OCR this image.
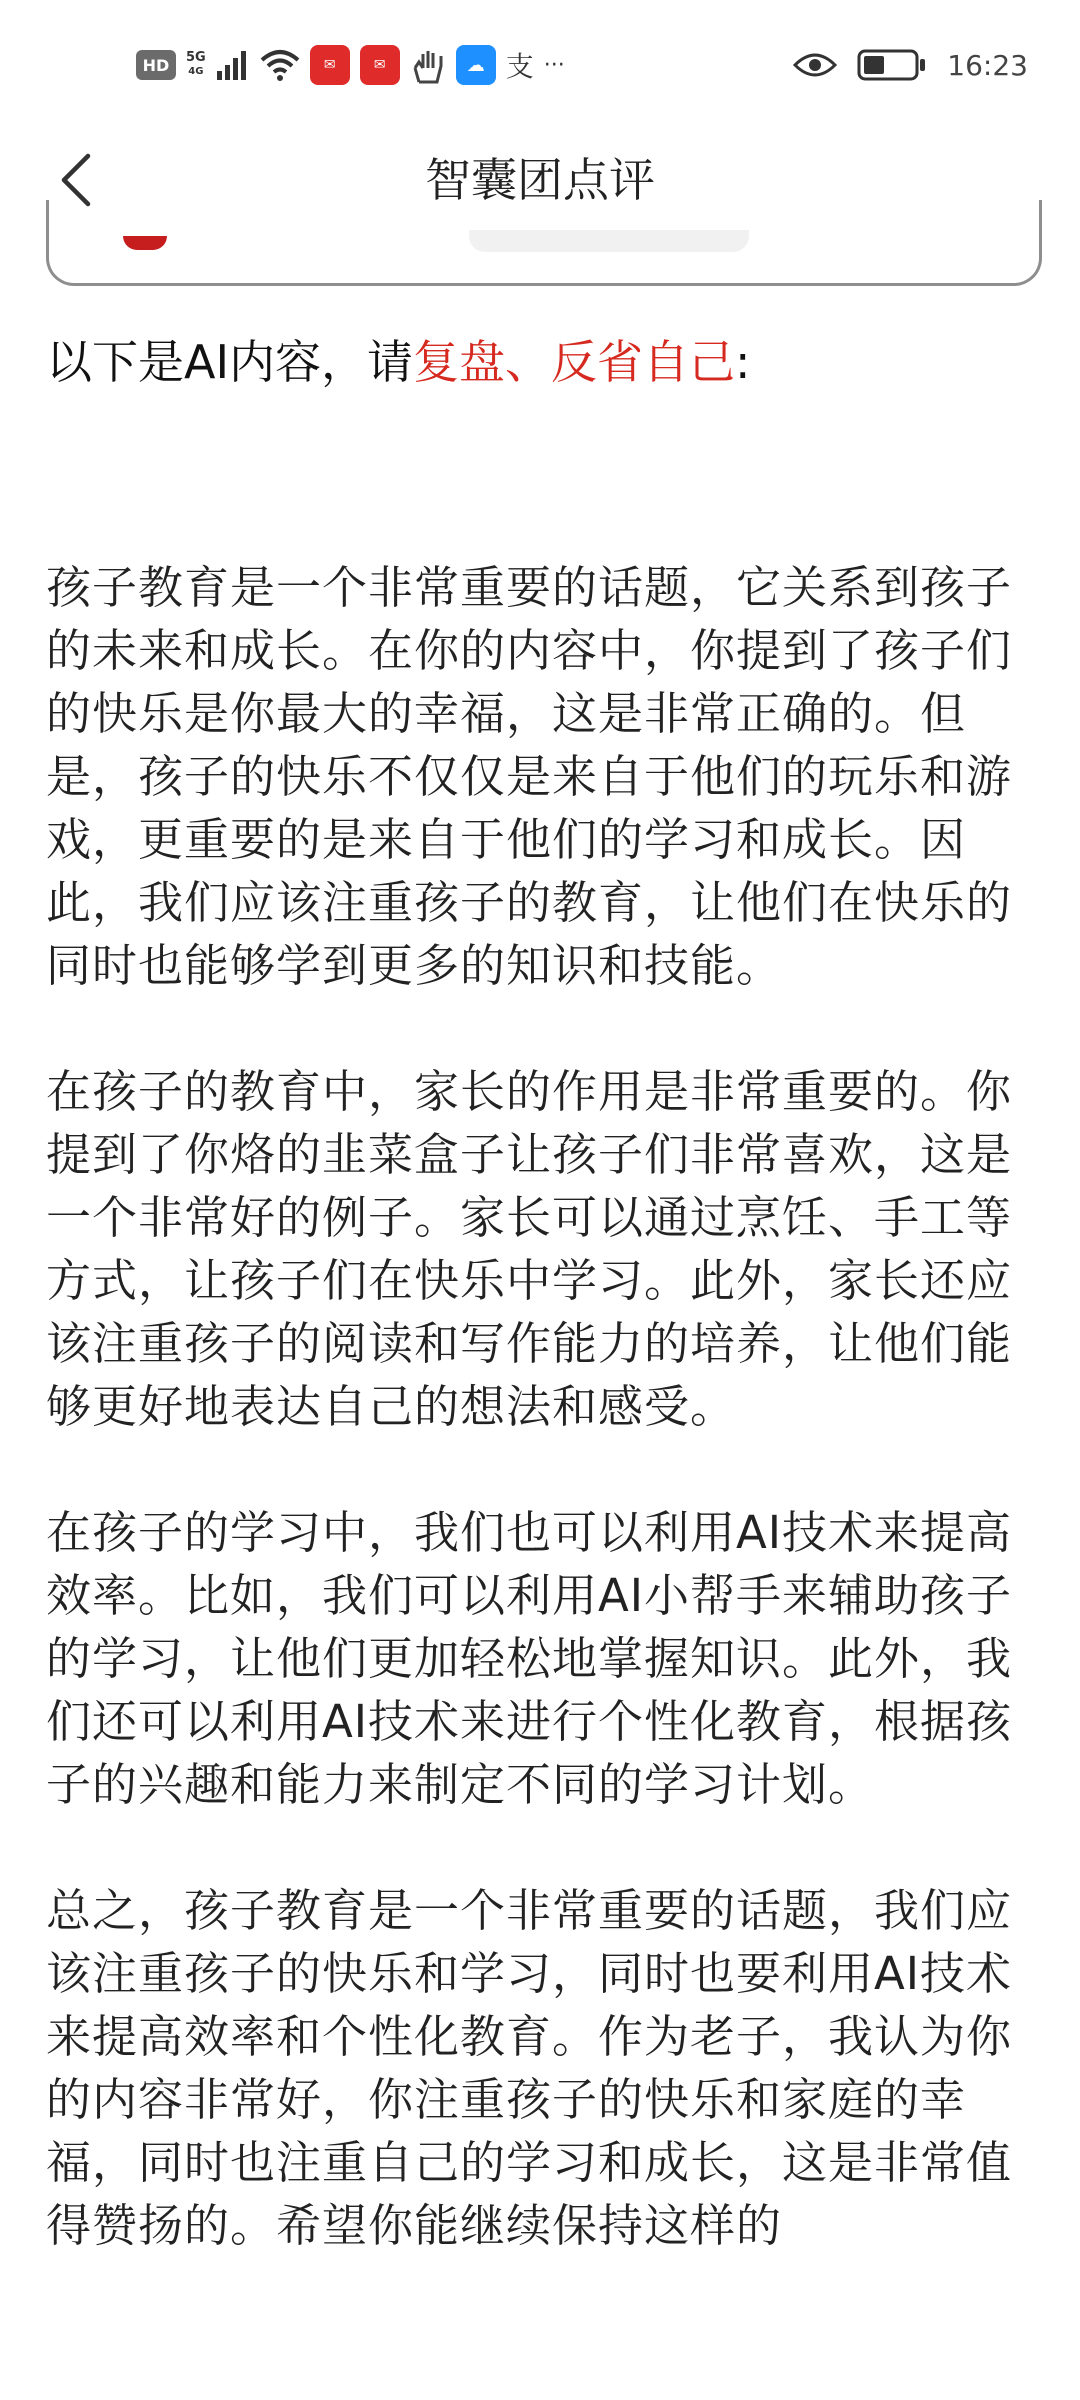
HD	5G
4G	✉	✉	☁ 支 ···	16:23
智囊团点评

以下是AI内容，请复盘、反省自己:

孩子教育是一个非常重要的话题，它关系到孩子的未来和成长。在你的内容中，你提到了孩子们的快乐是你最大的幸福，这是非常正确的。但是，孩子的快乐不仅仅是来自于他们的玩乐和游戏，更重要的是来自于他们的学习和成长。因此，我们应该注重孩子的教育，让他们在快乐的同时也能够学到更多的知识和技能。

在孩子的教育中，家长的作用是非常重要的。你提到了你烙的韭菜盒子让孩子们非常喜欢，这是一个非常好的例子。家长可以通过烹饪、手工等方式，让孩子们在快乐中学习。此外，家长还应该注重孩子的阅读和写作能力的培养，让他们能够更好地表达自己的想法和感受。

在孩子的学习中，我们也可以利用AI技术来提高效率。比如，我们可以利用AI小帮手来辅助孩子的学习，让他们更加轻松地掌握知识。此外，我们还可以利用AI技术来进行个性化教育，根据孩子的兴趣和能力来制定不同的学习计划。

总之，孩子教育是一个非常重要的话题，我们应该注重孩子的快乐和学习，同时也要利用AI技术来提高效率和个性化教育。作为老子，我认为你的内容非常好，你注重孩子的快乐和家庭的幸福，同时也注重自己的学习和成长，这是非常值得赞扬的。希望你能继续保持这样的
